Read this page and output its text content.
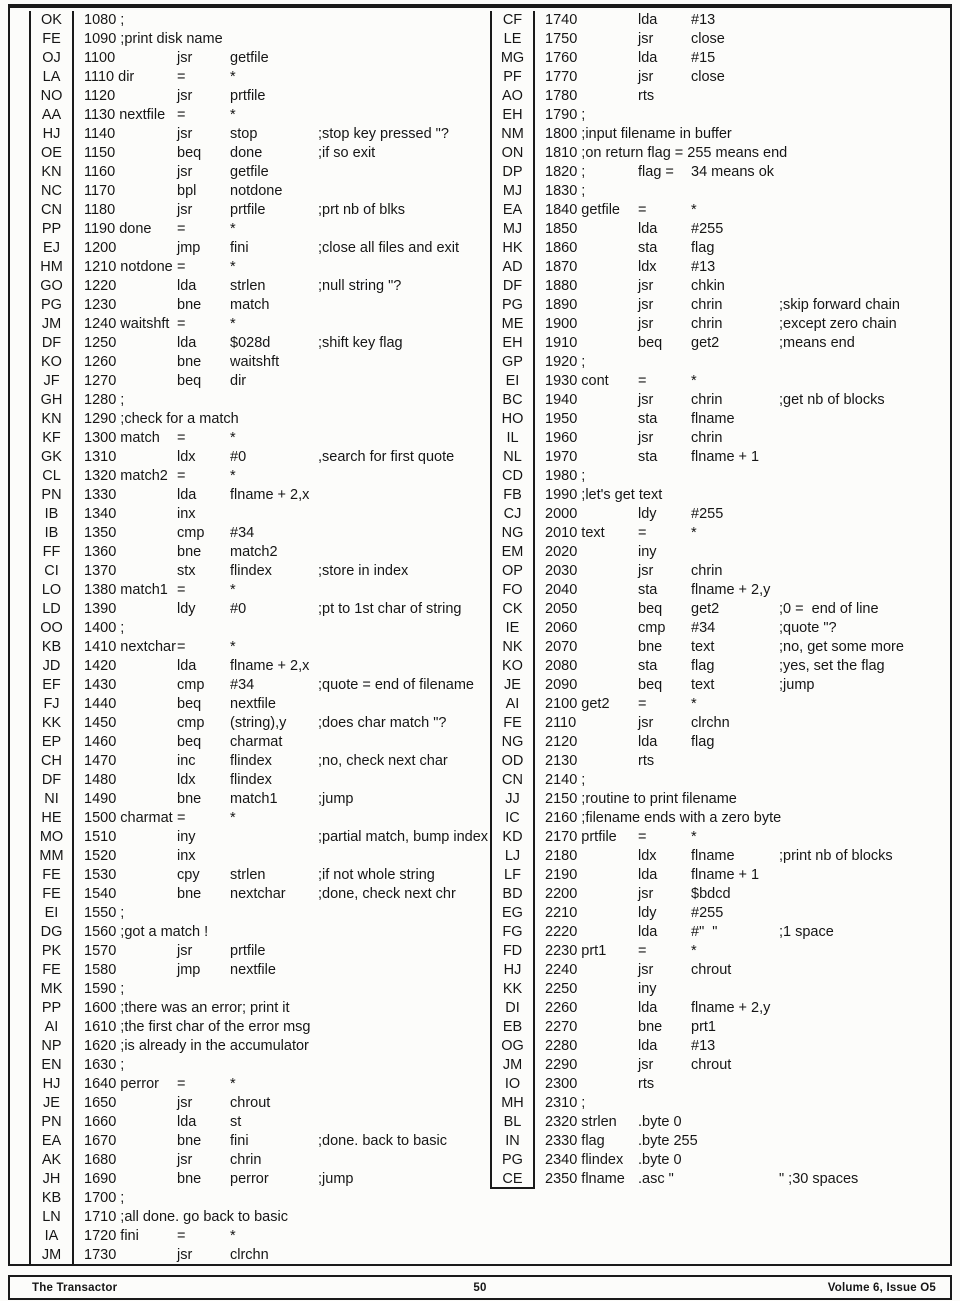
OK	1080 ;
FE	1090 ;print disk name
OJ	1100	jsr	getfile
LA	1110 dir	=	*
NO	1120	jsr	prtfile
AA	1130 nextfile =	*
HJ	1140	jsr	stop	;stop key pressed "?
OE	1150	beq done	;if so exit
KN	1160	jsr	getfile
NC	1170	bpl notdone
CN	1180	jsr	prtfile	;prt nb of blks
PP	1190 done =	*
EJ	1200	jmp fini	;close all files and exit
HM	1210 notdone =	*
GO	1220	lda strlen	;null string "?
PG	1230	bne match
JM	1240 waitshft =	*
DF	1250	lda $028d	;shift key flag
KO	1260	bne waitshft
JF	1270	beq dir
GH	1280 ;
KN	1290 ;check for a match
KF	1300 match =	*
GK	1310	ldx #0	,search for first quote
CL	1320 match2 =	*
PN	1330	lda flname + 2,x
IB	1340	inx
IB	1350	cmp #34
FF	1360	bne match2
CI	1370	stx flindex	;store in index
LO	1380 match1 =	*
LD	1390	ldy #0	;pt to 1st char of string
OO	1400 ;
KB	1410 nextchar =	*
JD	1420	lda flname + 2,x
EF	1430	cmp #34	;quote = end of filename
FJ	1440	beq nextfile
KK	1450	cmp (string),y ;does char match "?
EP	1460	beq charmat
CH	1470	inc flindex	;no, check next char
DF	1480	ldx flindex
NI	1490	bne match1	;jump
HE	1500 charmat =	*
MO	1510	iny	;partial match, bump index
MM	1520	inx
FE	1530	cpy strlen	;if not whole string
FE	1540	bne nextchar ;done, check next chr
EI	1550 ;
DG	1560 ;got a match !
PK	1570	jsr	prtfile
FE	1580	jmp nextfile
MK	1590 ;
PP	1600 ;there was an error; print it
AI	1610 ;the first char of the error msg
NP	1620 ;is already in the accumulator
EN	1630 ;
HJ	1640 perror =	*
JE	1650	jsr	chrout
PN	1660	lda st
EA	1670	bne fini	;done. back to basic
AK	1680	jsr	chrin
JH	1690	bne perror	;jump
KB	1700 ;
LN	1710 ;all done. go back to basic
IA	1720 fini	=	*
JM	1730	jsr	clrchn
CF	1740	lda #13
LE	1750	jsr	close
MG	1760	lda #15
PF	1770	jsr	close
AO	1780	rts
EH	1790 ;
NM	1800 ;input filename in buffer
ON	1810 ;on return flag = 255 means end
DP	1820 ;	flag = 34 means ok
MJ	1830 ;
EA	1840 getfile =	*
MJ	1850	lda #255
HK	1860	sta flag
AD	1870	ldx #13
DF	1880	jsr	chkin
PG	1890	jsr	chrin	;skip forward chain
ME	1900	jsr	chrin	;except zero chain
EH	1910	beq get2	;means end
GP	1920 ;
EI	1930 cont =	*
BC	1940	jsr	chrin	;get nb of blocks
HO	1950	sta flname
IL	1960	jsr	chrin
NL	1970	sta flname + 1
CD	1980 ;
FB	1990 ;let's get text
CJ	2000	ldy #255
NG	2010 text =	*
EM	2020	iny
OP	2030	jsr	chrin
FO	2040	sta flname + 2,y
CK	2050	beq get2	;0 =  end of line
IE	2060	cmp #34	;quote "?
NK	2070	bne text	;no, get some more
KO	2080	sta flag	;yes, set the flag
JE	2090	beq text	;jump
AI	2100 get2 =	*
FE	2110	jsr	clrchn
NG	2120	lda flag
OD	2130	rts
CN	2140 ;
JJ	2150 ;routine to print filename
IC	2160 ;filename ends with a zero byte
KD	2170 prtfile =	*
LJ	2180	ldx flname	;print nb of blocks
LF	2190	lda flname + 1
BD	2200	jsr	$bdcd
EG	2210	ldy #255
FG	2220	lda #"  "	;1 space
FD	2230 prt1 =	*
HJ	2240	jsr	chrout
KK	2250	iny
DI	2260	lda flname + 2,y
EB	2270	bne prt1
OG	2280	lda #13
JM	2290	jsr	chrout
IO	2300	rts
MH	2310 ;
BL	2320 strlen .byte 0
IN	2330 flag .byte 255
PG	2340 flindex .byte 0
CE	2350 flname .asc "	" ;30 spaces
The Transactor	50	Volume 6, Issue O5
